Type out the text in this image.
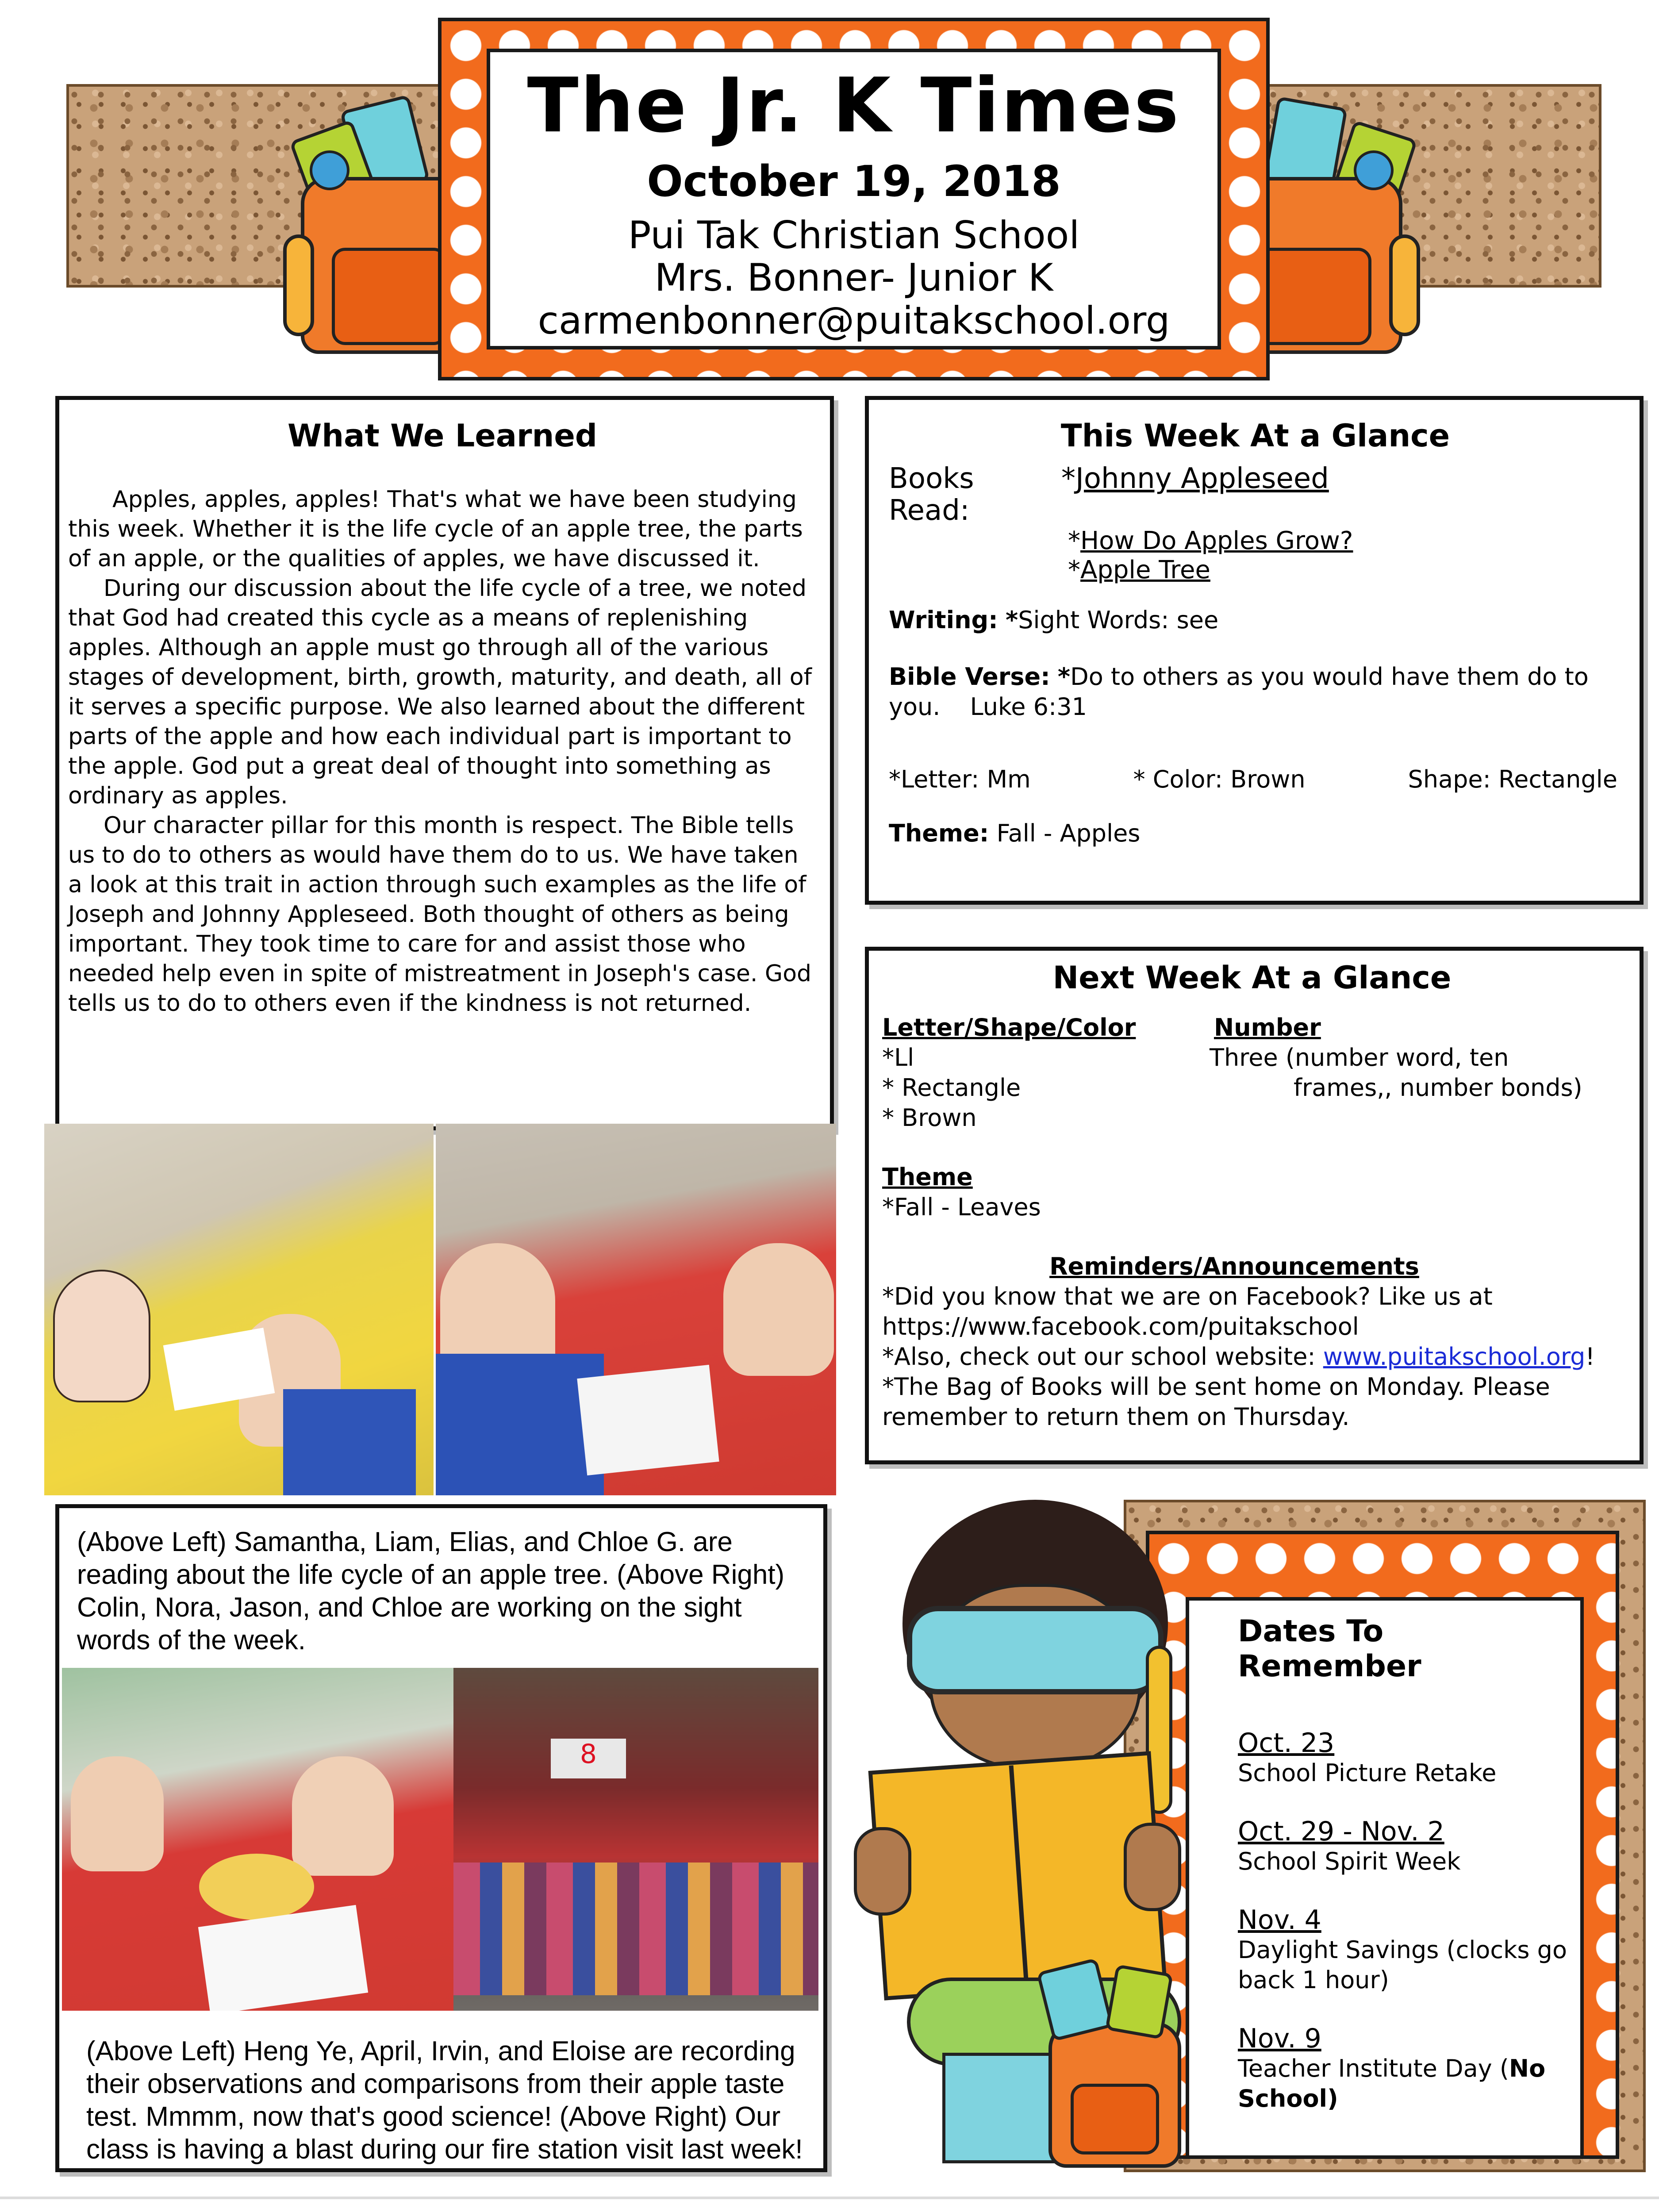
The Jr. K Times
October 19, 2018
Pui Tak Christian School
Mrs. Bonner- Junior K
carmenbonner@puitakschool.org
What We Learned

Apples, apples, apples! That's what we have been studying this week. Whether it is the life cycle of an apple tree, the parts of an apple, or the qualities of apples, we have discussed it.

During our discussion about the life cycle of a tree, we noted that God had created this cycle as a means of replenishing apples. Although an apple must go through all of the various stages of development, birth, growth, maturity, and death, all of it serves a specific purpose. We also learned about the different parts of the apple and how each individual part is important to the apple. God put a great deal of thought into something as ordinary as apples.

Our character pillar for this month is respect. The Bible tells us to do to others as would have them do to us. We have taken a look at this trait in action through such examples as the life of Joseph and Johnny Appleseed. Both thought of others as being important. They took time to care for and assist those who needed help even in spite of mistreatment in Joseph's case. God tells us to do to others even if the kindness is not returned.

This Week At a Glance
Books Read:
*Johnny Appleseed
*How Do Apples Grow?
*Apple Tree
Writing: *Sight Words: see
Bible Verse: *Do to others as you would have them do to you. Luke 6:31
*Letter: Mm	* Color: Brown	Shape: Rectangle
Theme: Fall - Apples
Next Week At a Glance
Letter/Shape/Color
*Ll
* Rectangle
* Brown
Number
Three (number word, ten
frames,, number bonds)
Theme
*Fall - Leaves
Reminders/Announcements
*Did you know that we are on Facebook? Like us at https://www.facebook.com/puitakschool
*Also, check out our school website: www.puitakschool.org!
*The Bag of Books will be sent home on Monday. Please remember to return them on Thursday.

(Above Left) Samantha, Liam, Elias, and Chloe G. are reading about the life cycle of an apple tree. (Above Right) Colin, Nora, Jason, and Chloe are working on the sight words of the week.

8

(Above Left) Heng Ye, April, Irvin, and Eloise are recording their observations and comparisons from their apple taste test. Mmmm, now that's good science! (Above Right) Our class is having a blast during our fire station visit last week!

Dates To Remember
Oct. 23
School Picture Retake
Oct. 29 - Nov. 2
School Spirit Week
Nov. 4
Daylight Savings (clocks go back 1 hour)
Nov. 9
Teacher Institute Day (No School)
